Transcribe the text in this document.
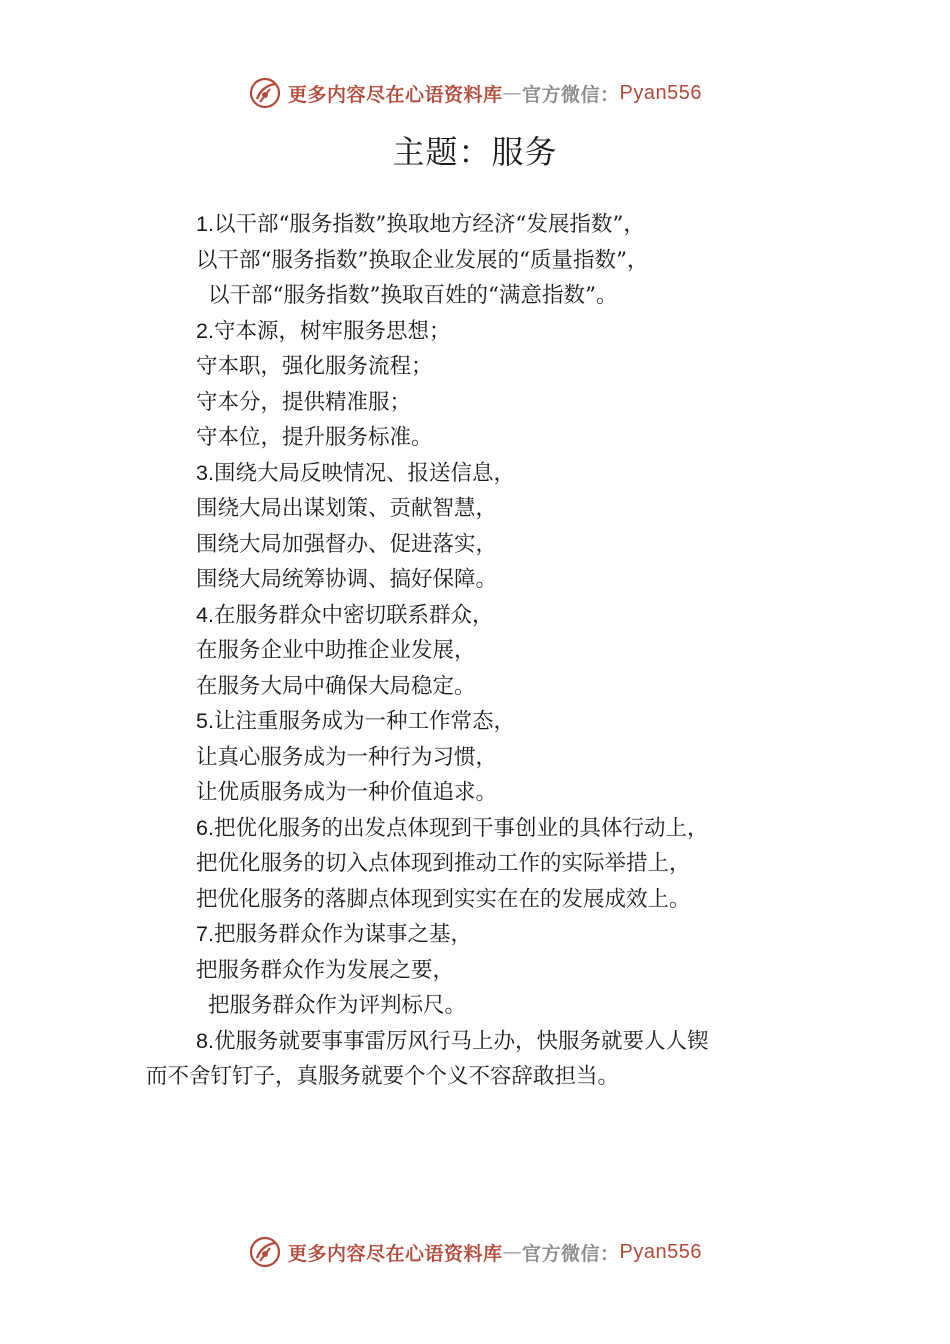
更多内容尽在心语资料库 — 官方微信： Pyan556
主题：服务
1.以干部“服务指数”换取地方经济“发展指数”，
以干部“服务指数”换取企业发展的“质量指数”，
以干部“服务指数”换取百姓的“满意指数”。
2.守本源，树牢服务思想；
守本职，强化服务流程；
守本分，提供精准服；
守本位，提升服务标准。
3.围绕大局反映情况、报送信息，
围绕大局出谋划策、贡献智慧，
围绕大局加强督办、促进落实，
围绕大局统筹协调、搞好保障。
4.在服务群众中密切联系群众，
在服务企业中助推企业发展，
在服务大局中确保大局稳定。
5.让注重服务成为一种工作常态，
让真心服务成为一种行为习惯，
让优质服务成为一种价值追求。
6.把优化服务的出发点体现到干事创业的具体行动上，
把优化服务的切入点体现到推动工作的实际举措上，
把优化服务的落脚点体现到实实在在的发展成效上。
7.把服务群众作为谋事之基，
把服务群众作为发展之要，
把服务群众作为评判标尺。
8.优服务就要事事雷厉风行马上办，快服务就要人人锲
而不舍钉钉子，真服务就要个个义不容辞敢担当。
更多内容尽在心语资料库 — 官方微信： Pyan556
